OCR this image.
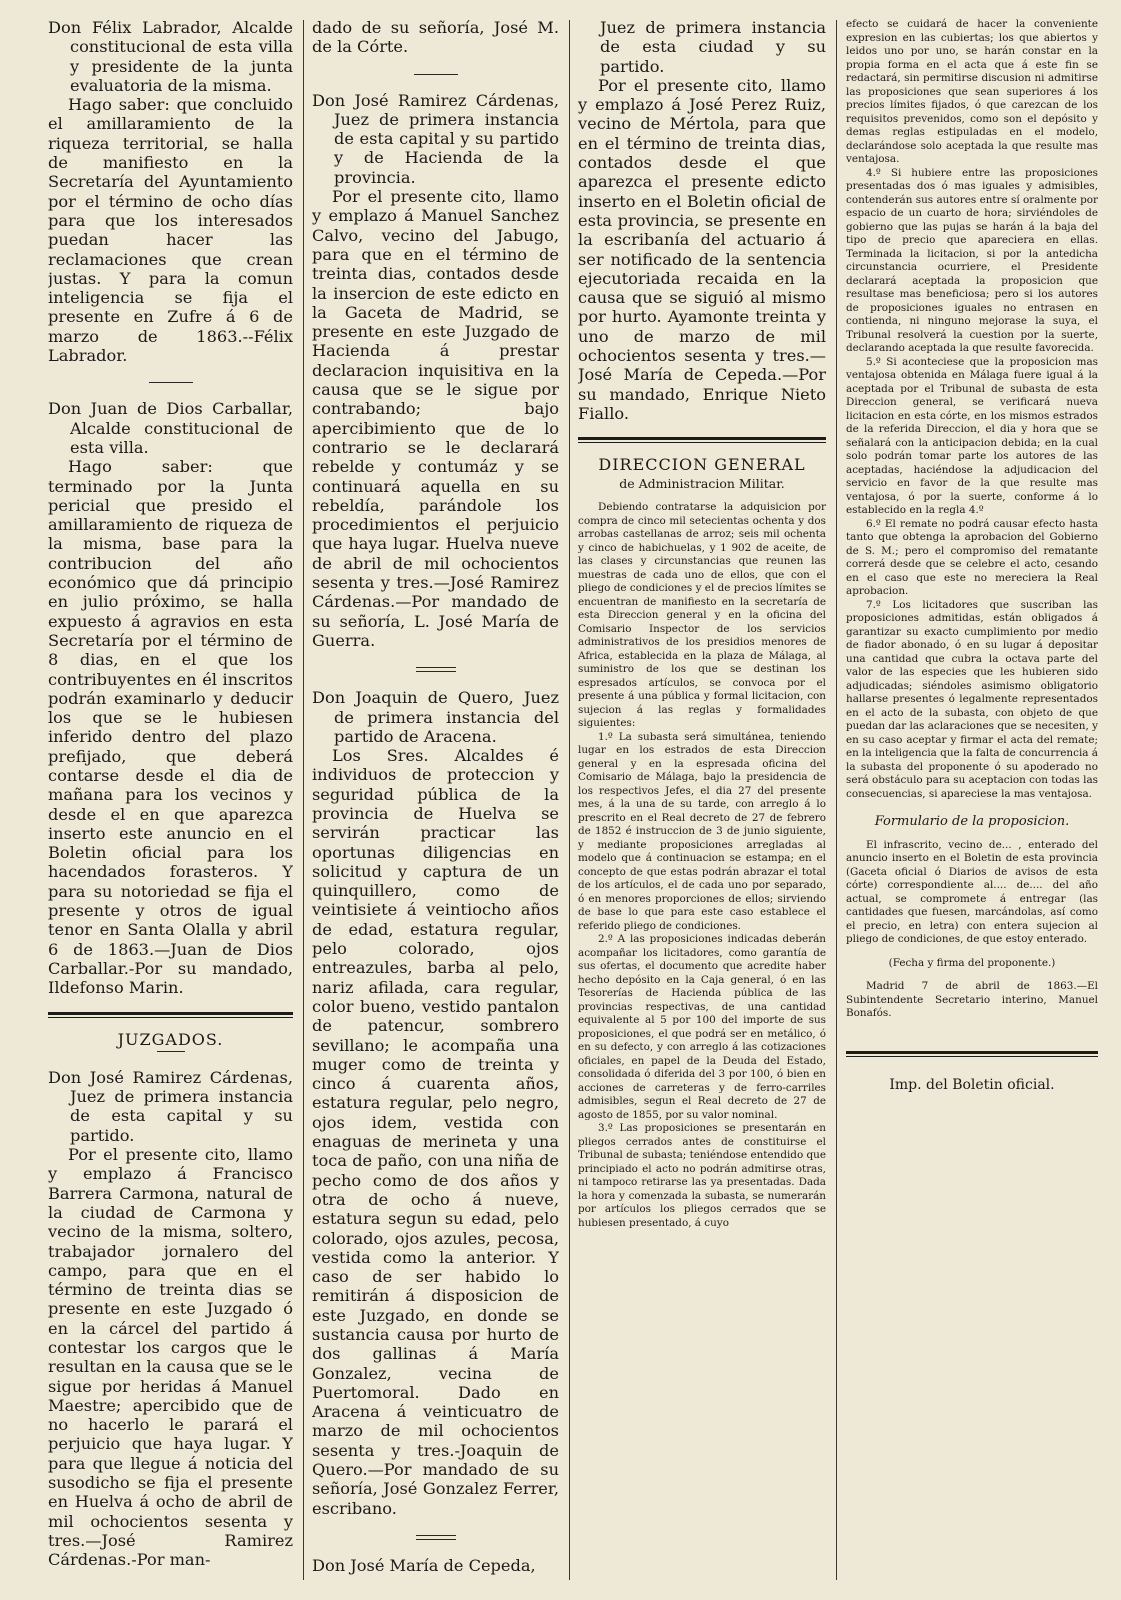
Don Félix Labrador, Alcalde constitucional de esta villa y presidente de la junta evaluatoria de la misma.

Hago saber: que concluido el amillaramiento de la riqueza territorial, se halla de manifiesto en la Secretaría del Ayuntamiento por el término de ocho días para que los interesados puedan hacer las reclamaciones que crean justas. Y para la comun inteligencia se fija el presente en Zufre á 6 de marzo de 1863.--Félix Labrador.

Don Juan de Dios Carballar, Alcalde constitucional de esta villa.

Hago saber: que terminado por la Junta pericial que presido el amillaramiento de riqueza de la misma, base para la contribucion del año económico que dá principio en julio próximo, se halla expuesto á agravios en esta Secretaría por el término de 8 dias, en el que los contribuyentes en él inscritos podrán examinarlo y deducir los que se le hubiesen inferido dentro del plazo prefijado, que deberá contarse desde el dia de mañana para los vecinos y desde el en que aparezca inserto este anuncio en el Boletin oficial para los hacendados forasteros. Y para su notoriedad se fija el presente y otros de igual tenor en Santa Olalla y abril 6 de 1863.—Juan de Dios Carballar.-Por su mandado, Ildefonso Marin.

JUZGADOS.

Don José Ramirez Cárdenas, Juez de primera instancia de esta capital y su partido.

Por el presente cito, llamo y emplazo á Francisco Barrera Carmona, natural de la ciudad de Carmona y vecino de la misma, soltero, trabajador jornalero del campo, para que en el término de treinta dias se presente en este Juzgado ó en la cárcel del partido á contestar los cargos que le resultan en la causa que se le sigue por heridas á Manuel Maestre; apercibido que de no hacerlo le parará el perjuicio que haya lugar. Y para que llegue á noticia del susodicho se fija el presente en Huelva á ocho de abril de mil ochocientos sesenta y tres.—José Ramirez Cárdenas.-Por man-

dado de su señoría, José M. de la Córte.

Don José Ramirez Cárdenas, Juez de primera instancia de esta capital y su partido y de Hacienda de la provincia.

Por el presente cito, llamo y emplazo á Manuel Sanchez Calvo, vecino del Jabugo, para que en el término de treinta dias, contados desde la insercion de este edicto en la Gaceta de Madrid, se presente en este Juzgado de Hacienda á prestar declaracion inquisitiva en la causa que se le sigue por contrabando; bajo apercibimiento que de lo contrario se le declarará rebelde y contumáz y se continuará aquella en su rebeldía, parándole los procedimientos el perjuicio que haya lugar. Huelva nueve de abril de mil ochocientos sesenta y tres.—José Ramirez Cárdenas.—Por mandado de su señoría, L. José María de Guerra.

Don Joaquin de Quero, Juez de primera instancia del partido de Aracena.

Los Sres. Alcaldes é individuos de proteccion y seguridad pública de la provincia de Huelva se servirán practicar las oportunas diligencias en solicitud y captura de un quinquillero, como de veintisiete á veintiocho años de edad, estatura regular, pelo colorado, ojos entreazules, barba al pelo, nariz afilada, cara regular, color bueno, vestido pantalon de patencur, sombrero sevillano; le acompaña una muger como de treinta y cinco á cuarenta años, estatura regular, pelo negro, ojos idem, vestida con enaguas de merineta y una toca de paño, con una niña de pecho como de dos años y otra de ocho á nueve, estatura segun su edad, pelo colorado, ojos azules, pecosa, vestida como la anterior. Y caso de ser habido lo remitirán á disposicion de este Juzgado, en donde se sustancia causa por hurto de dos gallinas á María Gonzalez, vecina de Puertomoral. Dado en Aracena á veinticuatro de marzo de mil ochocientos sesenta y tres.-Joaquin de Quero.—Por mandado de su señoría, José Gonzalez Ferrer, escribano.

Don José María de Cepeda,

Juez de primera instancia de esta ciudad y su partido.

Por el presente cito, llamo y emplazo á José Perez Ruiz, vecino de Mértola, para que en el término de treinta dias, contados desde el que aparezca el presente edicto inserto en el Boletin oficial de esta provincia, se presente en la escribanía del actuario á ser notificado de la sentencia ejecutoriada recaida en la causa que se siguió al mismo por hurto. Ayamonte treinta y uno de marzo de mil ochocientos sesenta y tres.—José María de Cepeda.—Por su mandado, Enrique Nieto Fiallo.

DIRECCION GENERAL
de Administracion Militar.

Debiendo contratarse la adquisicion por compra de cinco mil setecientas ochenta y dos arrobas castellanas de arroz; seis mil ochenta y cinco de habichuelas, y 1 902 de aceite, de las clases y circunstancias que reunen las muestras de cada uno de ellos, que con el pliego de condiciones y el de precios límites se encuentran de manifiesto en la secretaría de esta Direccion general y en la oficina del Comisario Inspector de los servicios administrativos de los presidios menores de Africa, establecida en la plaza de Málaga, al suministro de los que se destinan los espresados artículos, se convoca por el presente á una pública y formal licitacion, con sujecion á las reglas y formalidades siguientes:

1.º La subasta será simultánea, teniendo lugar en los estrados de esta Direccion general y en la espresada oficina del Comisario de Málaga, bajo la presidencia de los respectivos Jefes, el dia 27 del presente mes, á la una de su tarde, con arreglo á lo prescrito en el Real decreto de 27 de febrero de 1852 é instruccion de 3 de junio siguiente, y mediante proposiciones arregladas al modelo que á continuacion se estampa; en el concepto de que estas podrán abrazar el total de los artículos, el de cada uno por separado, ó en menores proporciones de ellos; sirviendo de base lo que para este caso establece el referido pliego de condiciones.

2.º A las proposiciones indicadas deberán acompañar los licitadores, como garantía de sus ofertas, el documento que acredite haber hecho depósito en la Caja general, ó en las Tesorerías de Hacienda pública de las provincias respectivas, de una cantidad equivalente al 5 por 100 del importe de sus proposiciones, el que podrá ser en metálico, ó en su defecto, y con arreglo á las cotizaciones oficiales, en papel de la Deuda del Estado, consolidada ó diferida del 3 por 100, ó bien en acciones de carreteras y de ferro-carriles admisibles, segun el Real decreto de 27 de agosto de 1855, por su valor nominal.

3.º Las proposiciones se presentarán en pliegos cerrados antes de constituirse el Tribunal de subasta; teniéndose entendido que principiado el acto no podrán admitirse otras, ni tampoco retirarse las ya presentadas. Dada la hora y comenzada la subasta, se numerarán por artículos los pliegos cerrados que se hubiesen presentado, á cuyo

efecto se cuidará de hacer la conveniente expresion en las cubiertas; los que abiertos y leidos uno por uno, se harán constar en la propia forma en el acta que á este fin se redactará, sin permitirse discusion ni admitirse las proposiciones que sean superiores á los precios límites fijados, ó que carezcan de los requisitos prevenidos, como son el depósito y demas reglas estipuladas en el modelo, declarándose solo aceptada la que resulte mas ventajosa.

4.º Si hubiere entre las proposiciones presentadas dos ó mas iguales y admisibles, contenderán sus autores entre sí oralmente por espacio de un cuarto de hora; sirviéndoles de gobierno que las pujas se harán á la baja del tipo de precio que apareciera en ellas. Terminada la licitacion, si por la antedicha circunstancia ocurriere, el Presidente declarará aceptada la proposicion que resultase mas beneficiosa; pero si los autores de proposiciones iguales no entrasen en contienda, ni ninguno mejorase la suya, el Tribunal resolverá la cuestion por la suerte, declarando aceptada la que resulte favorecida.

5.º Si aconteciese que la proposicion mas ventajosa obtenida en Málaga fuere igual á la aceptada por el Tribunal de subasta de esta Direccion general, se verificará nueva licitacion en esta córte, en los mismos estrados de la referida Direccion, el dia y hora que se señalará con la anticipacion debida; en la cual solo podrán tomar parte los autores de las aceptadas, haciéndose la adjudicacion del servicio en favor de la que resulte mas ventajosa, ó por la suerte, conforme á lo establecido en la regla 4.º

6.º El remate no podrá causar efecto hasta tanto que obtenga la aprobacion del Gobierno de S. M.; pero el compromiso del rematante correrá desde que se celebre el acto, cesando en el caso que este no mereciera la Real aprobacion.

7.º Los licitadores que suscriban las proposiciones admitidas, están obligados á garantizar su exacto cumplimiento por medio de fiador abonado, ó en su lugar á depositar una cantidad que cubra la octava parte del valor de las especies que les hubieren sido adjudicadas; siéndoles asimismo obligatorio hallarse presentes ó legalmente representados en el acto de la subasta, con objeto de que puedan dar las aclaraciones que se necesiten, y en su caso aceptar y firmar el acta del remate; en la inteligencia que la falta de concurrencia á la subasta del proponente ó su apoderado no será obstáculo para su aceptacion con todas las consecuencias, si apareciese la mas ventajosa.

Formulario de la proposicion.

El infrascrito, vecino de... , enterado del anuncio inserto en el Boletin de esta provincia (Gaceta oficial ó Diarios de avisos de esta córte) correspondiente al.... de.... del año actual, se compromete á entregar (las cantidades que fuesen, marcándolas, así como el precio, en letra) con entera sujecion al pliego de condiciones, de que estoy enterado.

(Fecha y firma del proponente.)

Madrid 7 de abril de 1863.—El Subintendente Secretario interino, Manuel Bonafós.

Imp. del Boletin oficial.
